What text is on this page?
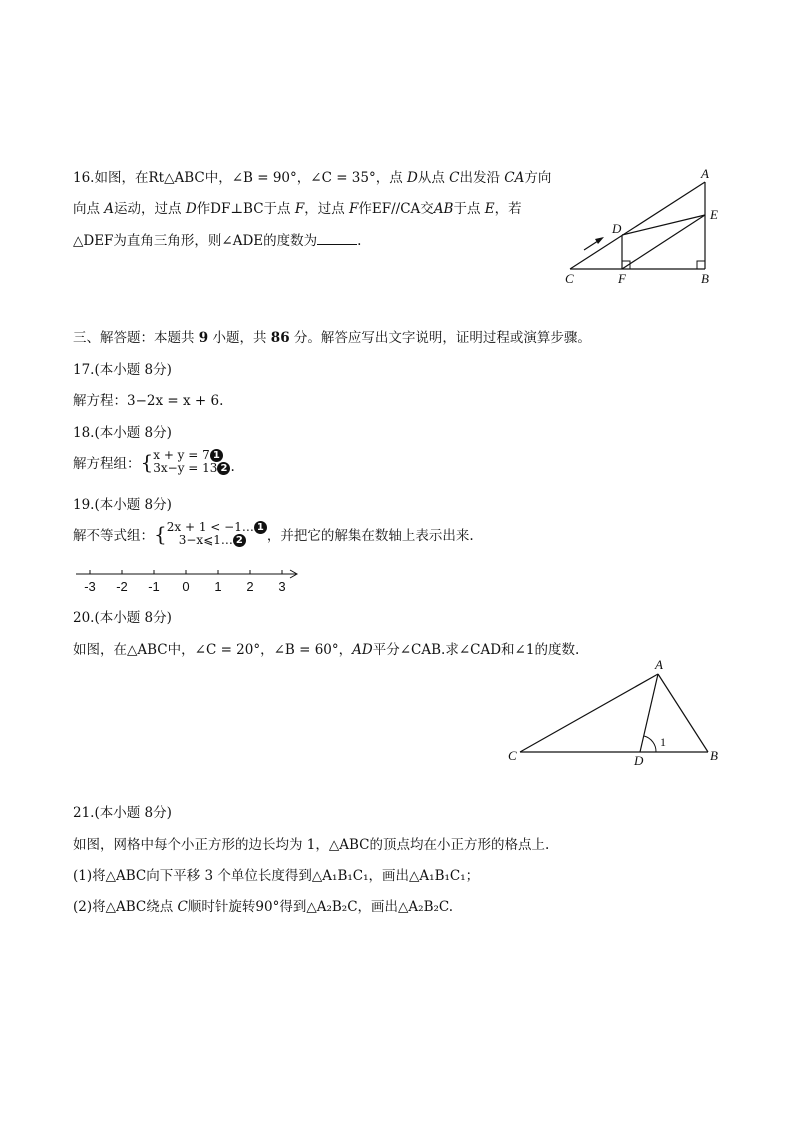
16.如图，在Rt△ABC中，∠B = 90°，∠C = 35°，点 D从点 C出发沿 CA方向
向点 A运动，过点 D作DF⊥BC于点 F，过点 F作EF//CA交AB于点 E，若
△DEF为直角三角形，则∠ADE的度数为	.
A
E
D
C	F	B
三、解答题：本题共 9 小题，共 86 分。解答应写出文字说明，证明过程或演算步骤。
17.(本小题 8分)
解方程：3−2x = x + 6.
18.(本小题 8分)
解方程组：{x + y = 7 1
3x−y = 13 2 .
19.(本小题 8分)
解不等式组：{2x + 1 < −1… 1
3−x⩽1… 2 ，并把它的解集在数轴上表示出来.
-3 -2 -1 0 1 2 3
20.(本小题 8分)
如图，在△ABC中，∠C = 20°，∠B = 60°，AD平分∠CAB.求∠CAD和∠1的度数.
A
C	D	B
1
21.(本小题 8分)
如图，网格中每个小正方形的边长均为 1，△ABC的顶点均在小正方形的格点上.
(1)将△ABC向下平移 3 个单位长度得到△A₁B₁C₁，画出△A₁B₁C₁；
(2)将△ABC绕点 C顺时针旋转90°得到△A₂B₂C，画出△A₂B₂C.
